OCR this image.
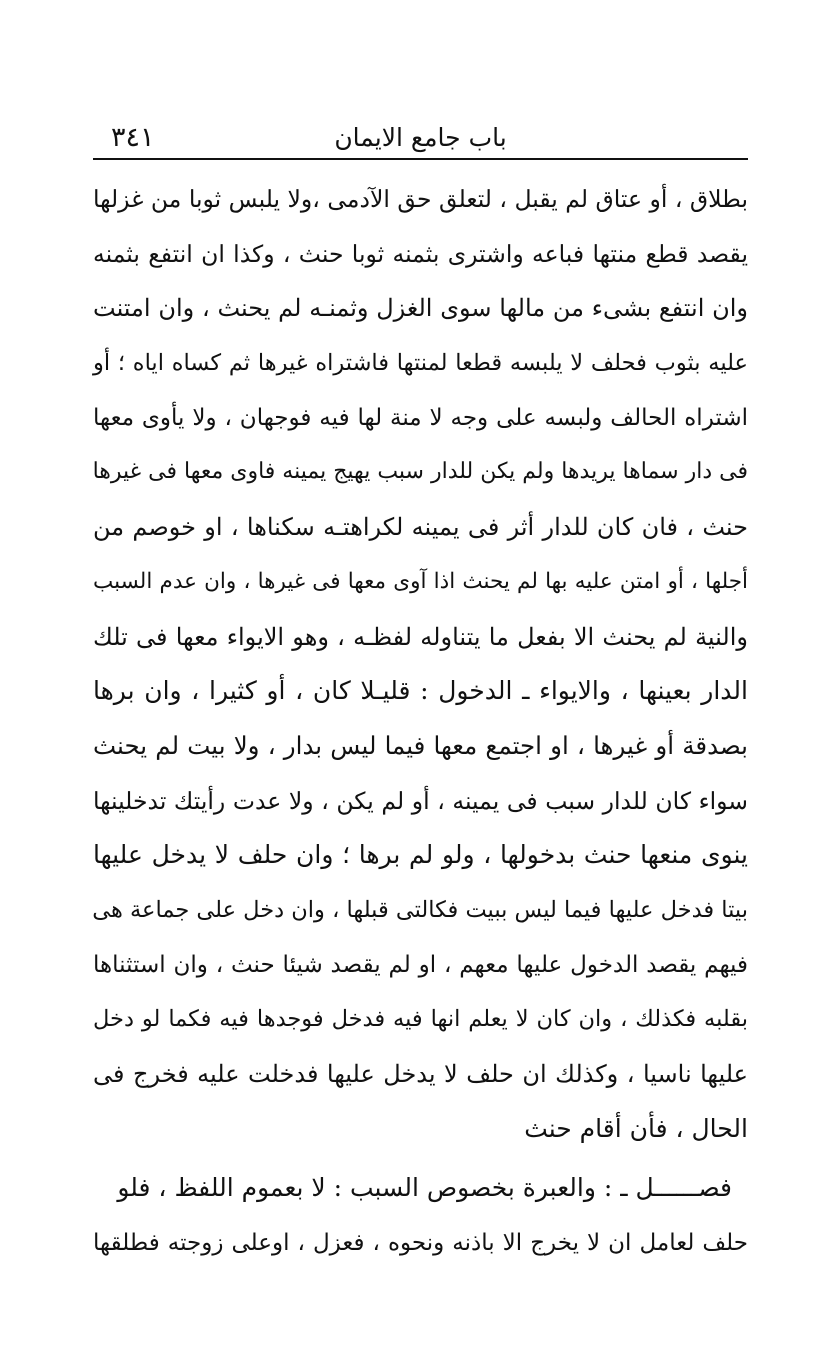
باب جامع الايمان
٣٤١
بطلاق ، أو عتاق لم يقبل ، لتعلق حق الآدمى ،ولا يلبس ثوبا من غزلها
يقصد قطع منتها فباعه واشترى بثمنه ثوبا حنث ، وكذا ان انتفع بثمنه
وان انتفع بشىء من مالها سوى الغزل وثمنـه لم يحنث ، وان امتنت
عليه بثوب فحلف لا يلبسه قطعا لمنتها فاشتراه غيرها ثم كساه اياه ؛ أو
اشتراه الحالف ولبسه على وجه لا منة لها فيه فوجهان ، ولا يأوى معها
فى دار سماها يريدها ولم يكن للدار سبب يهيج يمينه فاوى معها فى غيرها
حنث ، فان كان للدار أثر فى يمينه لكراهتـه سكناها ، او خوصم من
أجلها ، أو امتن عليه بها لم يحنث اذا آوى معها فى غيرها ، وان عدم السبب
والنية لم يحنث الا بفعل ما يتناوله لفظـه ، وهو الايواء معها فى تلك
الدار بعينها ، والايواء ـ الدخول : قليـلا كان ، أو كثيرا ، وان برها
بصدقة أو غيرها ، او اجتمع معها فيما ليس بدار ، ولا بيت لم يحنث
سواء كان للدار سبب فى يمينه ، أو لم يكن ، ولا عدت رأيتك تدخلينها
ينوى منعها حنث بدخولها ، ولو لم برها ؛ وان حلف لا يدخل عليها
بيتا فدخل عليها فيما ليس ببيت فكالتى قبلها ، وان دخل على جماعة هى
فيهم يقصد الدخول عليها معهم ، او لم يقصد شيئا حنث ، وان استثناها
بقلبه فكذلك ، وان كان لا يعلم انها فيه فدخل فوجدها فيه فكما لو دخل
عليها ناسيا ، وكذلك ان حلف لا يدخل عليها فدخلت عليه فخرج فى
الحال ، فأن أقام حنث
فصــــــل ـ : والعبرة بخصوص السبب : لا بعموم اللفظ ، فلو
حلف لعامل ان لا يخرج الا باذنه ونحوه ، فعزل ، اوعلى زوجته فطلقها
